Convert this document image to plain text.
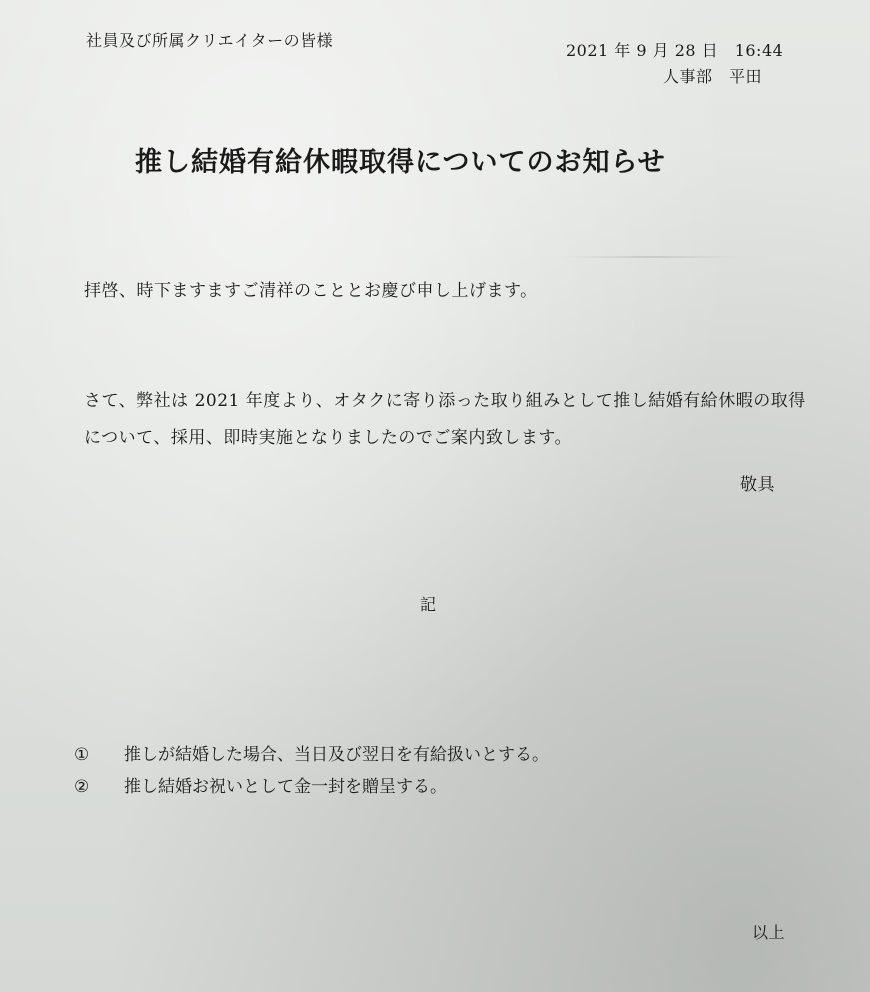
社員及び所属クリエイターの皆様
2021 年 9 月 28 日　16:44
人事部　平田
推し結婚有給休暇取得についてのお知らせ
拝啓、時下ますますご清祥のこととお慶び申し上げます。
さて、弊社は 2021 年度より、オタクに寄り添った取り組みとして推し結婚有給休暇の取得
について、採用、即時実施となりましたのでご案内致します。
敬具
記
① 推しが結婚した場合、当日及び翌日を有給扱いとする。
② 推し結婚お祝いとして金一封を贈呈する。
以上
